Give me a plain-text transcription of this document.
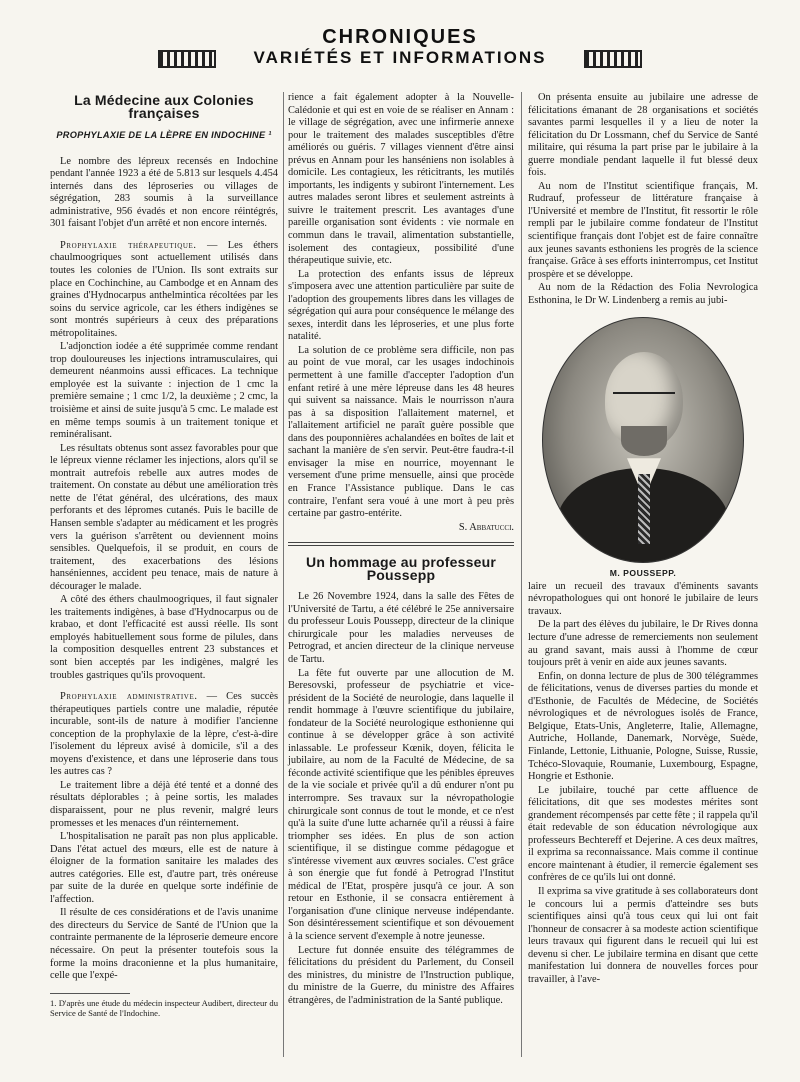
CHRONIQUES
VARIÉTÉS ET INFORMATIONS
La Médecine aux Colonies françaises
PROPHYLAXIE DE LA LÈPRE EN INDOCHINE ¹

Le nombre des lépreux recensés en Indochine pendant l'année 1923 a été de 5.813 sur lesquels 4.454 internés dans des léproseries ou villages de ségrégation, 283 soumis à la surveillance administrative, 956 évadés et non encore réintégrés, 301 faisant l'objet d'un arrêté et non encore internés.

Prophylaxie thérapeutique. — Les éthers chaulmoogriques sont actuellement utilisés dans toutes les colonies de l'Union. Ils sont extraits sur place en Cochinchine, au Cambodge et en Annam des graines d'Hydnocarpus anthelmintica récoltées par les soins du service agricole, car les éthers indigènes se sont montrés supérieurs à ceux des préparations métropolitaines.

L'adjonction iodée a été supprimée comme rendant trop douloureuses les injections intramusculaires, qui demeurent néanmoins aussi efficaces. La technique employée est la suivante : injection de 1 cmc la première semaine ; 1 cmc 1/2, la deuxième ; 2 cmc, la troisième et ainsi de suite jusqu'à 5 cmc. Le malade est en même temps soumis à un traitement tonique et reminéralisant.

Les résultats obtenus sont assez favorables pour que le lépreux vienne réclamer les injections, alors qu'il se montrait autrefois rebelle aux autres modes de traitement. On constate au début une amélioration très nette de l'état général, des ulcérations, des maux perforants et des lépromes cutanés. Puis le bacille de Hansen semble s'adapter au médicament et les progrès vers la guérison s'arrêtent ou deviennent moins sensibles. Quelquefois, il se produit, en cours de traitement, des exacerbations des lésions hanséniennes, accident peu tenace, mais de nature à décourager le malade.

A côté des éthers chaulmoogriques, il faut signaler les traitements indigènes, à base d'Hydnocarpus ou de krabao, et dont l'efficacité est aussi réelle. Ils sont employés habituellement sous forme de pilules, dans la composition desquelles entrent 23 substances et sont bien acceptés par les indigènes, malgré les troubles gastriques qu'ils provoquent.

Prophylaxie administrative. — Ces succès thérapeutiques partiels contre une maladie, réputée incurable, sont-ils de nature à modifier l'ancienne conception de la prophylaxie de la lèpre, c'est-à-dire l'isolement du lépreux avisé à domicile, s'il a des moyens d'existence, et dans une léproserie dans tous les autres cas ?

Le traitement libre a déjà été tenté et a donné des résultats déplorables ; à peine sortis, les malades disparaissent, pour ne plus revenir, malgré leurs promesses et les menaces d'un réinternement.

L'hospitalisation ne paraît pas non plus applicable. Dans l'état actuel des mœurs, elle est de nature à éloigner de la formation sanitaire les malades des autres catégories. Elle est, d'autre part, très onéreuse par suite de la durée en quelque sorte indéfinie de l'affection.

Il résulte de ces considérations et de l'avis unanime des directeurs du Service de Santé de l'Union que la contrainte permanente de la léproserie demeure encore nécessaire. On peut la présenter toutefois sous la forme la moins draconienne et la plus humanitaire, celle que l'expé-

1. D'après une étude du médecin inspecteur Audibert, directeur du Service de Santé de l'Indochine.

rience a fait également adopter à la Nouvelle-Calédonie et qui est en voie de se réaliser en Annam : le village de ségrégation, avec une infirmerie annexe pour le traitement des malades susceptibles d'être améliorés ou guéris. 7 villages viennent d'être ainsi prévus en Annam pour les hanséniens non isolables à domicile. Les contagieux, les réticitrants, les mutilés importants, les indigents y subiront l'internement. Les autres malades seront libres et seulement astreints à suivre le traitement prescrit. Les avantages d'une pareille organisation sont évidents : vie normale en commun dans le travail, alimentation substantielle, isolement des contagieux, possibilité d'une thérapeutique suivie, etc.

La protection des enfants issus de lépreux s'imposera avec une attention particulière par suite de l'adoption des groupements libres dans les villages de ségrégation qui aura pour conséquence le mélange des sexes, interdit dans les léproseries, et une plus forte natalité.

La solution de ce problème sera difficile, non pas au point de vue moral, car les usages indochinois permettent à une famille d'accepter l'adoption d'un enfant retiré à une mère lépreuse dans les 48 heures qui suivent sa naissance. Mais le nourrisson n'aura pas à sa disposition l'allaitement maternel, et l'allaitement artificiel ne paraît guère possible que dans des pouponnières achalandées en boîtes de lait et sachant la manière de s'en servir. Peut-être faudra-t-il envisager la mise en nourrice, moyennant le versement d'une prime mensuelle, ainsi que procède en France l'Assistance publique. Dans le cas contraire, l'enfant sera voué à une mort à peu près certaine par gastro-entérite.

S. Abbatucci.

Un hommage au professeur Poussepp

Le 26 Novembre 1924, dans la salle des Fêtes de l'Université de Tartu, a été célébré le 25e anniversaire du professeur Louis Poussepp, directeur de la clinique chirurgicale pour les maladies nerveuses de Petrograd, et ancien directeur de la clinique nerveuse de Tartu.

La fête fut ouverte par une allocution de M. Beresovski, professeur de psychiatrie et vice-président de la Société de neurologie, dans laquelle il rendit hommage à l'œuvre scientifique du jubilaire, fondateur de la Société neurologique esthonienne qui continue à se développer grâce à son activité inlassable. Le professeur Kœnik, doyen, félicita le jubilaire, au nom de la Faculté de Médecine, de sa féconde activité scientifique que les pénibles épreuves de la vie sociale et privée qu'il a dû endurer n'ont pu interrompre. Ses travaux sur la névropathologie chirurgicale sont connus de tout le monde, et ce n'est qu'à la suite d'une lutte acharnée qu'il a réussi à faire triompher ses idées. En plus de son action scientifique, il se distingue comme pédagogue et s'intéresse vivement aux œuvres sociales. C'est grâce à son énergie que fut fondé à Petrograd l'Institut médical de l'Etat, prospère jusqu'à ce jour. A son retour en Esthonie, il se consacra entièrement à l'organisation d'une clinique nerveuse indépendante. Son désintéressement scientifique et son dévouement à la science servent d'exemple à notre jeunesse.

Lecture fut donnée ensuite des télégrammes de félicitations du président du Parlement, du Conseil des ministres, du ministre de l'Instruction publique, du ministre de la Guerre, du ministre des Affaires étrangères, de l'administration de la Santé publique.

On présenta ensuite au jubilaire une adresse de félicitations émanant de 28 organisations et sociétés savantes parmi lesquelles il y a lieu de noter la félicitation du Dr Lossmann, chef du Service de Santé militaire, qui résuma la part prise par le jubilaire à la guerre mondiale pendant laquelle il fut blessé deux fois.

Au nom de l'Institut scientifique français, M. Rudrauf, professeur de littérature française à l'Université et membre de l'Institut, fit ressortir le rôle rempli par le jubilaire comme fondateur de l'Institut scientifique français dont l'objet est de faire connaître aux jeunes savants esthoniens les progrès de la science française. Grâce à ses efforts ininterrompus, cet Institut prospère et se développe.

Au nom de la Rédaction des Folia Nevrologica Esthonina, le Dr W. Lindenberg a remis au jubi-

M. POUSSEPP.

laire un recueil des travaux d'éminents savants névropathologues qui ont honoré le jubilaire de leurs travaux.

De la part des élèves du jubilaire, le Dr Rives donna lecture d'une adresse de remerciements non seulement au grand savant, mais aussi à l'homme de cœur toujours prêt à venir en aide aux jeunes savants.

Enfin, on donna lecture de plus de 300 télégrammes de félicitations, venus de diverses parties du monde et d'Esthonie, de Facultés de Médecine, de Sociétés névrologiques et de névrologues isolés de France, Belgique, Etats-Unis, Angleterre, Italie, Allemagne, Autriche, Hollande, Danemark, Norvège, Suède, Finlande, Lettonie, Lithuanie, Pologne, Suisse, Russie, Tchéco-Slovaquie, Roumanie, Luxembourg, Espagne, Hongrie et Esthonie.

Le jubilaire, touché par cette affluence de félicitations, dit que ses modestes mérites sont grandement récompensés par cette fête ; il rappela qu'il était redevable de son éducation névrologique aux professeurs Bechtereff et Dejerine. A ces deux maîtres, il exprima sa reconnaissance. Mais comme il continue encore maintenant à étudier, il remercie également ses confrères de ce qu'ils lui ont donné.

Il exprima sa vive gratitude à ses collaborateurs dont le concours lui a permis d'atteindre ses buts scientifiques ainsi qu'à tous ceux qui lui ont fait l'honneur de consacrer à sa modeste action scientifique leurs travaux qui figurent dans le recueil qui lui est devenu si cher. Le jubilaire termina en disant que cette manifestation lui donnera de nouvelles forces pour travailler, à l'ave-
